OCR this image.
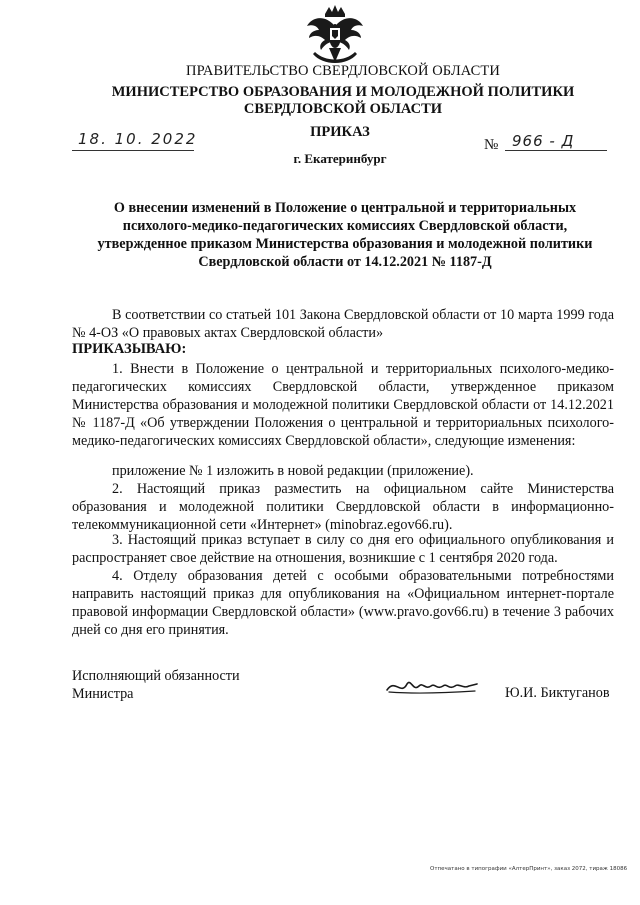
ПРАВИТЕЛЬСТВО СВЕРДЛОВСКОЙ ОБЛАСТИ
МИНИСТЕРСТВО ОБРАЗОВАНИЯ И МОЛОДЕЖНОЙ ПОЛИТИКИ
СВЕРДЛОВСКОЙ ОБЛАСТИ
ПРИКАЗ
18. 10. 2022	№ 966 - Д
г. Екатеринбург
О внесении изменений в Положение о центральной и территориальных психолого-медико-педагогических комиссиях Свердловской области, утвержденное приказом Министерства образования и молодежной политики Свердловской области от 14.12.2021 № 1187-Д
В соответствии со статьей 101 Закона Свердловской области от 10 марта 1999 года № 4-ОЗ «О правовых актах Свердловской области»
ПРИКАЗЫВАЮ:
1. Внести в Положение о центральной и территориальных психолого-медико-педагогических комиссиях Свердловской области, утвержденное приказом Министерства образования и молодежной политики Свердловской области от 14.12.2021 № 1187-Д «Об утверждении Положения о центральной и территориальных психолого-медико-педагогических комиссиях Свердловской области», следующие изменения:
приложение № 1 изложить в новой редакции (приложение).
2. Настоящий приказ разместить на официальном сайте Министерства образования и молодежной политики Свердловской области в информационно-телекоммуникационной сети «Интернет» (minobraz.egov66.ru).
3. Настоящий приказ вступает в силу со дня его официального опубликования и распространяет свое действие на отношения, возникшие с 1 сентября 2020 года.
4. Отделу образования детей с особыми образовательными потребностями направить настоящий приказ для опубликования на «Официальном интернет-портале правовой информации Свердловской области» (www.pravo.gov66.ru) в течение 3 рабочих дней со дня его принятия.
Исполняющий обязанности
Министра	Ю.И. Биктуганов
Отпечатано в типографии «АлтерПринт», заказ 2072, тираж 18086
